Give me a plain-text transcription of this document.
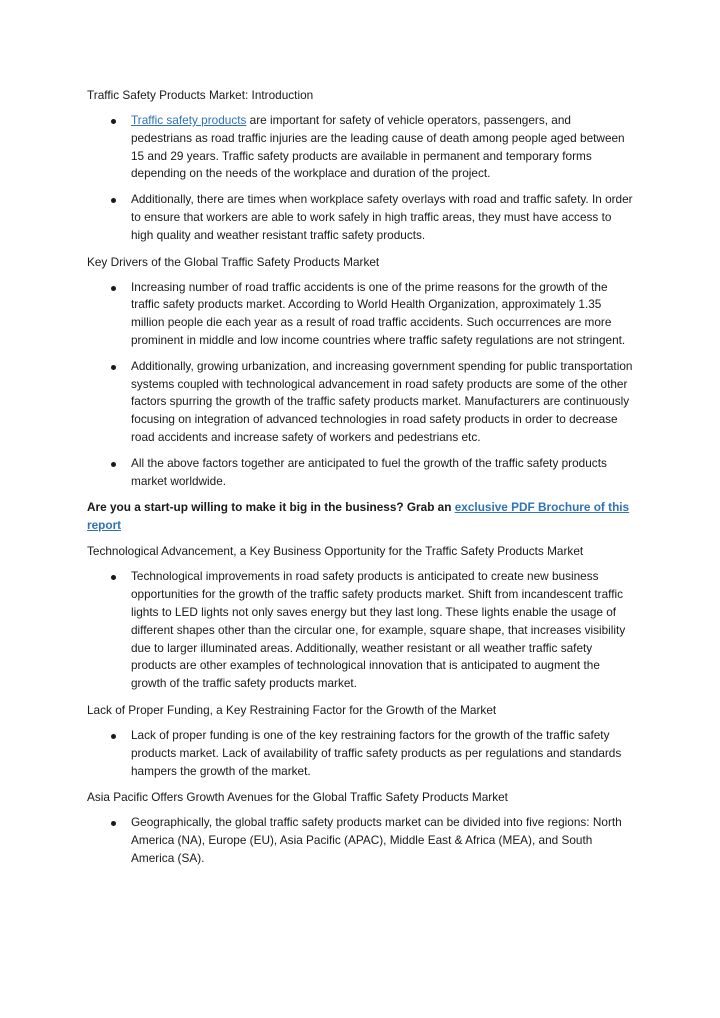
Traffic Safety Products Market: Introduction
Traffic safety products are important for safety of vehicle operators, passengers, and pedestrians as road traffic injuries are the leading cause of death among people aged between 15 and 29 years. Traffic safety products are available in permanent and temporary forms depending on the needs of the workplace and duration of the project.
Additionally, there are times when workplace safety overlays with road and traffic safety. In order to ensure that workers are able to work safely in high traffic areas, they must have access to high quality and weather resistant traffic safety products.
Key Drivers of the Global Traffic Safety Products Market
Increasing number of road traffic accidents is one of the prime reasons for the growth of the traffic safety products market. According to World Health Organization, approximately 1.35 million people die each year as a result of road traffic accidents. Such occurrences are more prominent in middle and low income countries where traffic safety regulations are not stringent.
Additionally, growing urbanization, and increasing government spending for public transportation systems coupled with technological advancement in road safety products are some of the other factors spurring the growth of the traffic safety products market. Manufacturers are continuously focusing on integration of advanced technologies in road safety products in order to decrease road accidents and increase safety of workers and pedestrians etc.
All the above factors together are anticipated to fuel the growth of the traffic safety products market worldwide.
Are you a start-up willing to make it big in the business? Grab an exclusive PDF Brochure of this report
Technological Advancement, a Key Business Opportunity for the Traffic Safety Products Market
Technological improvements in road safety products is anticipated to create new business opportunities for the growth of the traffic safety products market. Shift from incandescent traffic lights to LED lights not only saves energy but they last long. These lights enable the usage of different shapes other than the circular one, for example, square shape, that increases visibility due to larger illuminated areas. Additionally, weather resistant or all weather traffic safety products are other examples of technological innovation that is anticipated to augment the growth of the traffic safety products market.
Lack of Proper Funding, a Key Restraining Factor for the Growth of the Market
Lack of proper funding is one of the key restraining factors for the growth of the traffic safety products market. Lack of availability of traffic safety products as per regulations and standards hampers the growth of the market.
Asia Pacific Offers Growth Avenues for the Global Traffic Safety Products Market
Geographically, the global traffic safety products market can be divided into five regions: North America (NA), Europe (EU), Asia Pacific (APAC), Middle East & Africa (MEA), and South America (SA).
